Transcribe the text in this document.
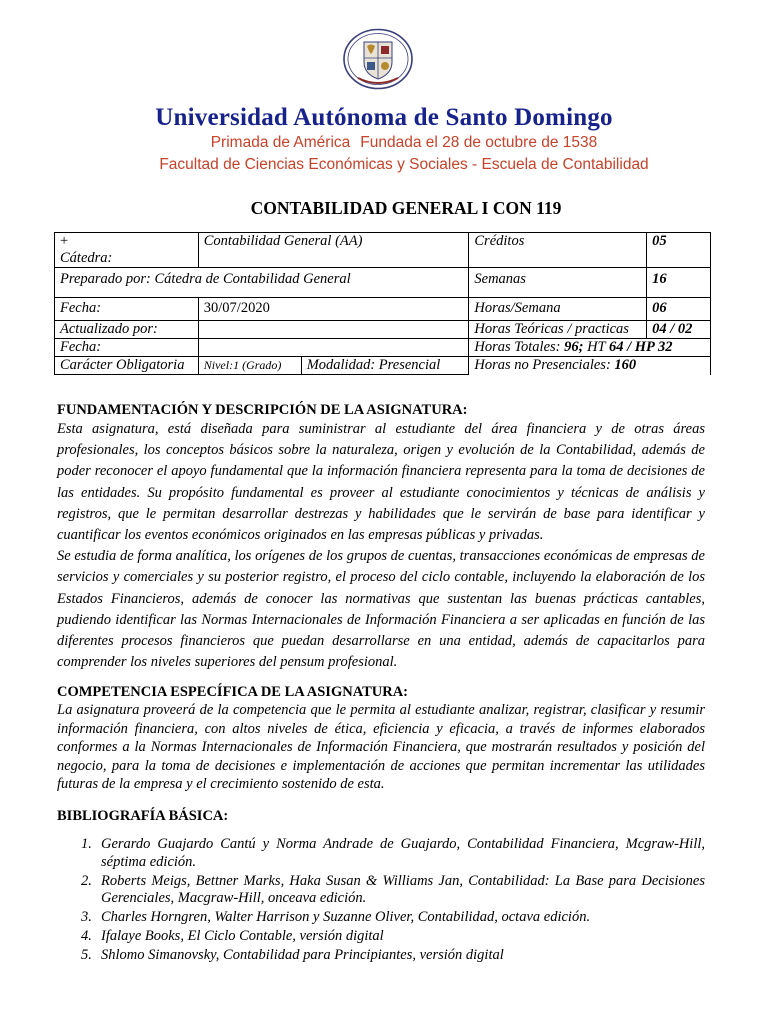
Universidad Autónoma de Santo Domingo
Primada de América Fundada el 28 de octubre de 1538
Facultad de Ciencias Económicas y Sociales - Escuela de Contabilidad
CONTABILIDAD GENERAL I CON 119
+
Cátedra:	Contabilidad General (AA)		Créditos	05
Preparado por: Cátedra de Contabilidad General			Semanas	16
Fecha:	30/07/2020		Horas/Semana	06
Actualizado por:			Horas Teóricas / practicas	04 / 02
Fecha:			Horas Totales: 96; HT 64 / HP 32	
Carácter Obligatoria	Nivel:1 (Grado)	Modalidad: Presencial	Horas no Presenciales: 160	
FUNDAMENTACIÓN Y DESCRIPCIÓN DE LA ASIGNATURA:

Esta asignatura, está diseñada para suministrar al estudiante del área financiera y de otras áreas profesionales, los conceptos básicos sobre la naturaleza, origen y evolución de la Contabilidad, además de poder reconocer el apoyo fundamental que la información financiera representa para la toma de decisiones de las entidades. Su propósito fundamental es proveer al estudiante conocimientos y técnicas de análisis y registros, que le permitan desarrollar destrezas y habilidades que le servirán de base para identificar y cuantificar los eventos económicos originados en las empresas públicas y privadas.

Se estudia de forma analítica, los orígenes de los grupos de cuentas, transacciones económicas de empresas de servicios y comerciales y su posterior registro, el proceso del ciclo contable, incluyendo la elaboración de los Estados Financieros, además de conocer las normativas que sustentan las buenas prácticas cantables, pudiendo identificar las Normas Internacionales de Información Financiera a ser aplicadas en función de las diferentes procesos financieros que puedan desarrollarse en una entidad, además de capacitarlos para comprender los niveles superiores del pensum profesional.

COMPETENCIA ESPECÍFICA DE LA ASIGNATURA:

La asignatura proveerá de la competencia que le permita al estudiante analizar, registrar, clasificar y resumir información financiera, con altos niveles de ética, eficiencia y eficacia, a través de informes elaborados conformes a la Normas Internacionales de Información Financiera, que mostrarán resultados y posición del negocio, para la toma de decisiones e implementación de acciones que permitan incrementar las utilidades futuras de la empresa y el crecimiento sostenido de esta.

BIBLIOGRAFÍA BÁSICA:
1. Gerardo Guajardo Cantú y Norma Andrade de Guajardo, Contabilidad Financiera, Mcgraw-Hill, séptima edición.
2. Roberts Meigs, Bettner Marks, Haka Susan & Williams Jan, Contabilidad: La Base para Decisiones Gerenciales, Macgraw-Hill, onceava edición.
3. Charles Horngren, Walter Harrison y Suzanne Oliver, Contabilidad, octava edición.
4. Ifalaye Books, El Ciclo Contable, versión digital
5. Shlomo Simanovsky, Contabilidad para Principiantes, versión digital
